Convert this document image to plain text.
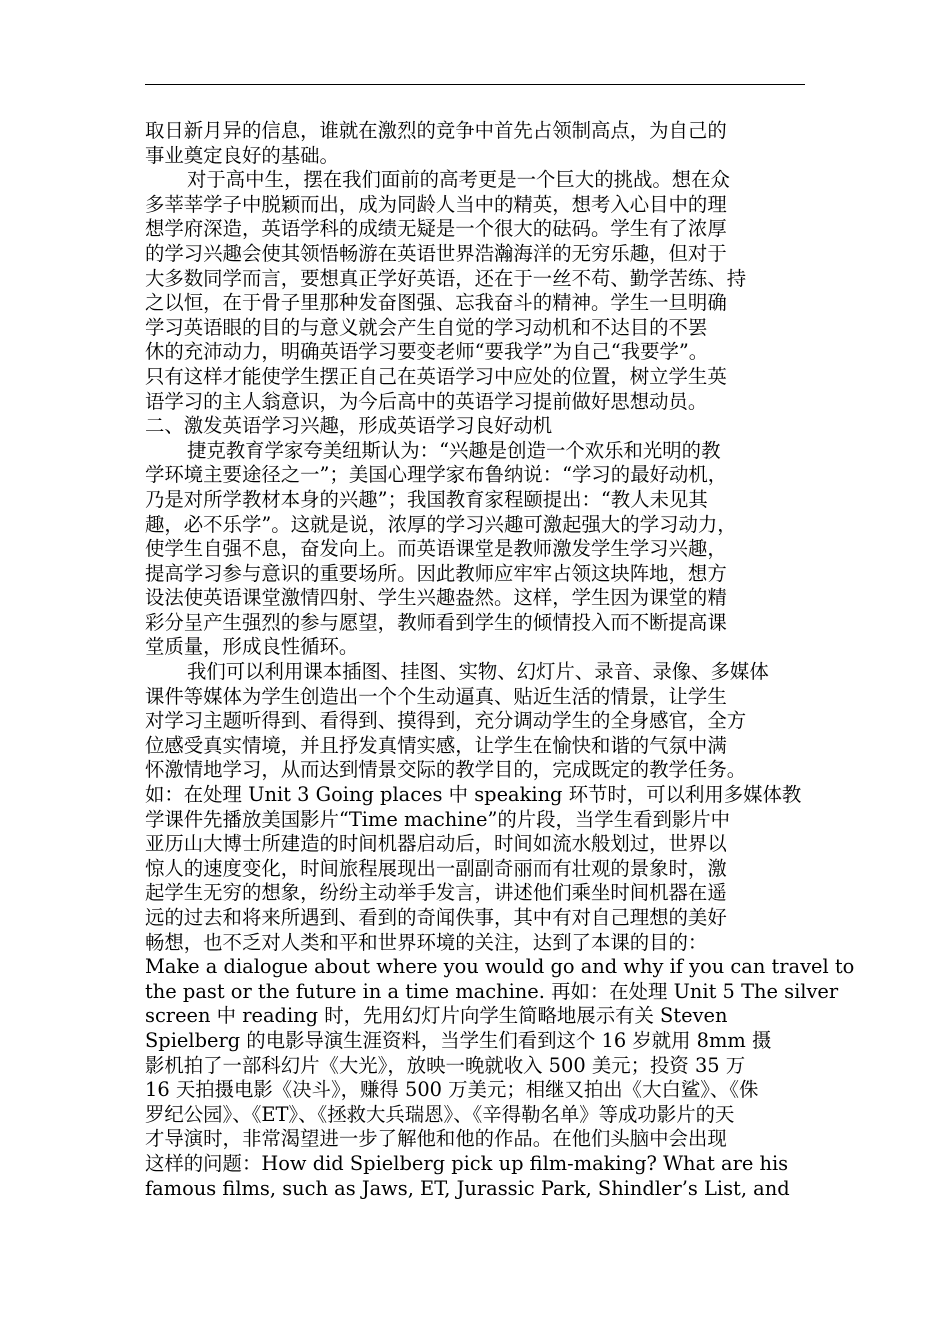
取日新月异的信息，谁就在激烈的竞争中首先占领制高点，为自己的
事业奠定良好的基础。
对于高中生，摆在我们面前的高考更是一个巨大的挑战。想在众
多莘莘学子中脱颖而出，成为同龄人当中的精英，想考入心目中的理
想学府深造，英语学科的成绩无疑是一个很大的砝码。学生有了浓厚
的学习兴趣会使其领悟畅游在英语世界浩瀚海洋的无穷乐趣，但对于
大多数同学而言，要想真正学好英语，还在于一丝不苟、勤学苦练、持
之以恒，在于骨子里那种发奋图强、忘我奋斗的精神。学生一旦明确
学习英语眼的目的与意义就会产生自觉的学习动机和不达目的不罢
休的充沛动力，明确英语学习要变老师“要我学”为自己“我要学”。
只有这样才能使学生摆正自己在英语学习中应处的位置，树立学生英
语学习的主人翁意识，为今后高中的英语学习提前做好思想动员。
二、激发英语学习兴趣，形成英语学习良好动机
捷克教育学家夸美纽斯认为：“兴趣是创造一个欢乐和光明的教
学环境主要途径之一”；美国心理学家布鲁纳说：“学习的最好动机，
乃是对所学教材本身的兴趣”；我国教育家程颐提出：“教人未见其
趣，必不乐学”。这就是说，浓厚的学习兴趣可激起强大的学习动力，
使学生自强不息，奋发向上。而英语课堂是教师激发学生学习兴趣，
提高学习参与意识的重要场所。因此教师应牢牢占领这块阵地，想方
设法使英语课堂激情四射、学生兴趣盎然。这样，学生因为课堂的精
彩分呈产生强烈的参与愿望，教师看到学生的倾情投入而不断提高课
堂质量，形成良性循环。
我们可以利用课本插图、挂图、实物、幻灯片、录音、录像、多媒体
课件等媒体为学生创造出一个个生动逼真、贴近生活的情景，让学生
对学习主题听得到、看得到、摸得到，充分调动学生的全身感官，全方
位感受真实情境，并且抒发真情实感，让学生在愉快和谐的气氛中满
怀激情地学习，从而达到情景交际的教学目的，完成既定的教学任务。
如：在处理 Unit 3 Going places 中 speaking 环节时，可以利用多媒体教
学课件先播放美国影片“Time machine”的片段，当学生看到影片中
亚历山大博士所建造的时间机器启动后，时间如流水般划过，世界以
惊人的速度变化，时间旅程展现出一副副奇丽而有壮观的景象时，激
起学生无穷的想象，纷纷主动举手发言，讲述他们乘坐时间机器在遥
远的过去和将来所遇到、看到的奇闻佚事，其中有对自己理想的美好
畅想，也不乏对人类和平和世界环境的关注，达到了本课的目的：
Make a dialogue about where you would go and why if you can travel to
the past or the future in a time machine. 再如：在处理 Unit 5 The silver
screen 中 reading 时，先用幻灯片向学生简略地展示有关 Steven
Spielberg 的电影导演生涯资料，当学生们看到这个 16 岁就用 8mm 摄
影机拍了一部科幻片《大光》，放映一晚就收入 500 美元；投资 35 万
16 天拍摄电影《决斗》，赚得 500 万美元；相继又拍出《大白鲨》、《侏
罗纪公园》、《ET》、《拯救大兵瑞恩》、《辛得勒名单》等成功影片的天
才导演时，非常渴望进一步了解他和他的作品。在他们头脑中会出现
这样的问题：How did Spielberg pick up film-making? What are his
famous films, such as Jaws, ET, Jurassic Park, Shindler’s List, and
